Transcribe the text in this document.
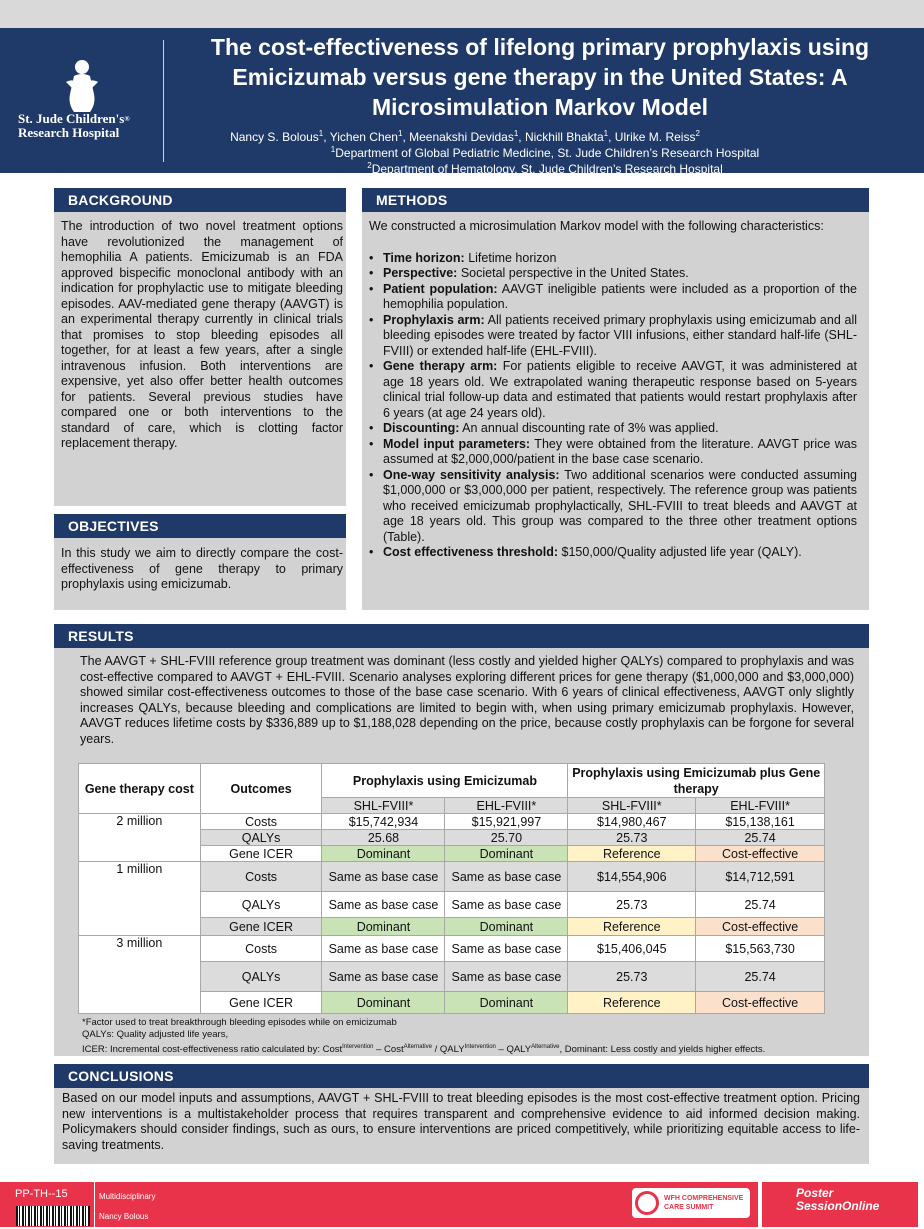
St. Jude Children's®
Research Hospital
The cost-effectiveness of lifelong primary prophylaxis using Emicizumab versus gene therapy in the United States: A Microsimulation Markov Model
Nancy S. Bolous$^1$, Yichen Chen$^1$, Meenakshi Devidas$^1$, Nickhill Bhakta$^1$, Ulrike M. Reiss$^2$
$^1$Department of Global Pediatric Medicine, St. Jude Children’s Research Hospital
$^2$Department of Hematology, St. Jude Children’s Research Hospital
BACKGROUND
The introduction of two novel treatment options have revolutionized the management of hemophilia A patients. Emicizumab is an FDA approved bispecific monoclonal antibody with an indication for prophylactic use to mitigate bleeding episodes. AAV-mediated gene therapy (AAVGT) is an experimental therapy currently in clinical trials that promises to stop bleeding episodes all together, for at least a few years, after a single intravenous infusion. Both interventions are expensive, yet also offer better health outcomes for patients. Several previous studies have compared one or both interventions to the standard of care, which is clotting factor replacement therapy.
OBJECTIVES
In this study we aim to directly compare the cost-effectiveness of gene therapy to primary prophylaxis using emicizumab.
METHODS
We constructed a microsimulation Markov model with the following characteristics:
• Time horizon: Lifetime horizon
• Perspective: Societal perspective in the United States.
• Patient population: AAVGT ineligible patients were included as a proportion of the hemophilia population.
• Prophylaxis arm: All patients received primary prophylaxis using emicizumab and all bleeding episodes were treated by factor VIII infusions, either standard half-life (SHL-FVIII) or extended half-life (EHL-FVIII).
• Gene therapy arm: For patients eligible to receive AAVGT, it was administered at age 18 years old. We extrapolated waning therapeutic response based on 5-years clinical trial follow-up data and estimated that patients would restart prophylaxis after 6 years (at age 24 years old).
• Discounting: An annual discounting rate of 3% was applied.
• Model input parameters: They were obtained from the literature. AAVGT price was assumed at $2,000,000/patient in the base case scenario.
• One-way sensitivity analysis: Two additional scenarios were conducted assuming $1,000,000 or $3,000,000 per patient, respectively. The reference group was patients who received emicizumab prophylactically, SHL-FVIII to treat bleeds and AAVGT at age 18 years old. This group was compared to the three other treatment options (Table).
• Cost effectiveness threshold: $150,000/Quality adjusted life year (QALY).
RESULTS
The AAVGT + SHL-FVIII reference group treatment was dominant (less costly and yielded higher QALYs) compared to prophylaxis and was cost-effective compared to AAVGT + EHL-FVIII. Scenario analyses exploring different prices for gene therapy ($1,000,000 and $3,000,000) showed similar cost-effectiveness outcomes to those of the base case scenario. With 6 years of clinical effectiveness, AAVGT only slightly increases QALYs, because bleeding and complications are limited to begin with, when using primary emicizumab prophylaxis. However, AAVGT reduces lifetime costs by $336,889 up to $1,188,028 depending on the price, because costly prophylaxis can be forgone for several years.
Gene therapy cost	Outcomes	Prophylaxis using Emicizumab		Prophylaxis using Emicizumab plus Gene therapy	
		SHL-FVIII*	EHL-FVIII*	SHL-FVIII*	EHL-FVIII*
2 million	Costs	$15,742,934	$15,921,997	$14,980,467	$15,138,161
	QALYs	25.68	25.70	25.73	25.74
	Gene ICER	Dominant	Dominant	Reference	Cost-effective
1 million	Costs	Same as base case	Same as base case	$14,554,906	$14,712,591
	QALYs	Same as base case	Same as base case	25.73	25.74
	Gene ICER	Dominant	Dominant	Reference	Cost-effective
3 million	Costs	Same as base case	Same as base case	$15,406,045	$15,563,730
	QALYs	Same as base case	Same as base case	25.73	25.74
	Gene ICER	Dominant	Dominant	Reference	Cost-effective
*Factor used to treat breakthrough bleeding episodes while on emicizumab
QALYs: Quality adjusted life years,
ICER: Incremental cost-effectiveness ratio calculated by: Cost$^{Intervention}$ – Cost$^{Alternative}$ / $QALY^{Intervention}$ – $QALY^{Alternative}$, Dominant: Less costly and yields higher effects.
CONCLUSIONS
Based on our model inputs and assumptions, AAVGT + SHL-FVIII to treat bleeding episodes is the most cost-effective treatment option. Pricing new interventions is a multistakeholder process that requires transparent and comprehensive evidence to aid informed decision making. Policymakers should consider findings, such as ours, to ensure interventions are priced competitively, while prioritizing equitable access to life-saving treatments.
PP-TH--15	Multidisciplinary
Nancy Bolous
WFH COMPREHENSIVE
CARE SUMMIT
Poster
SessionOnline
